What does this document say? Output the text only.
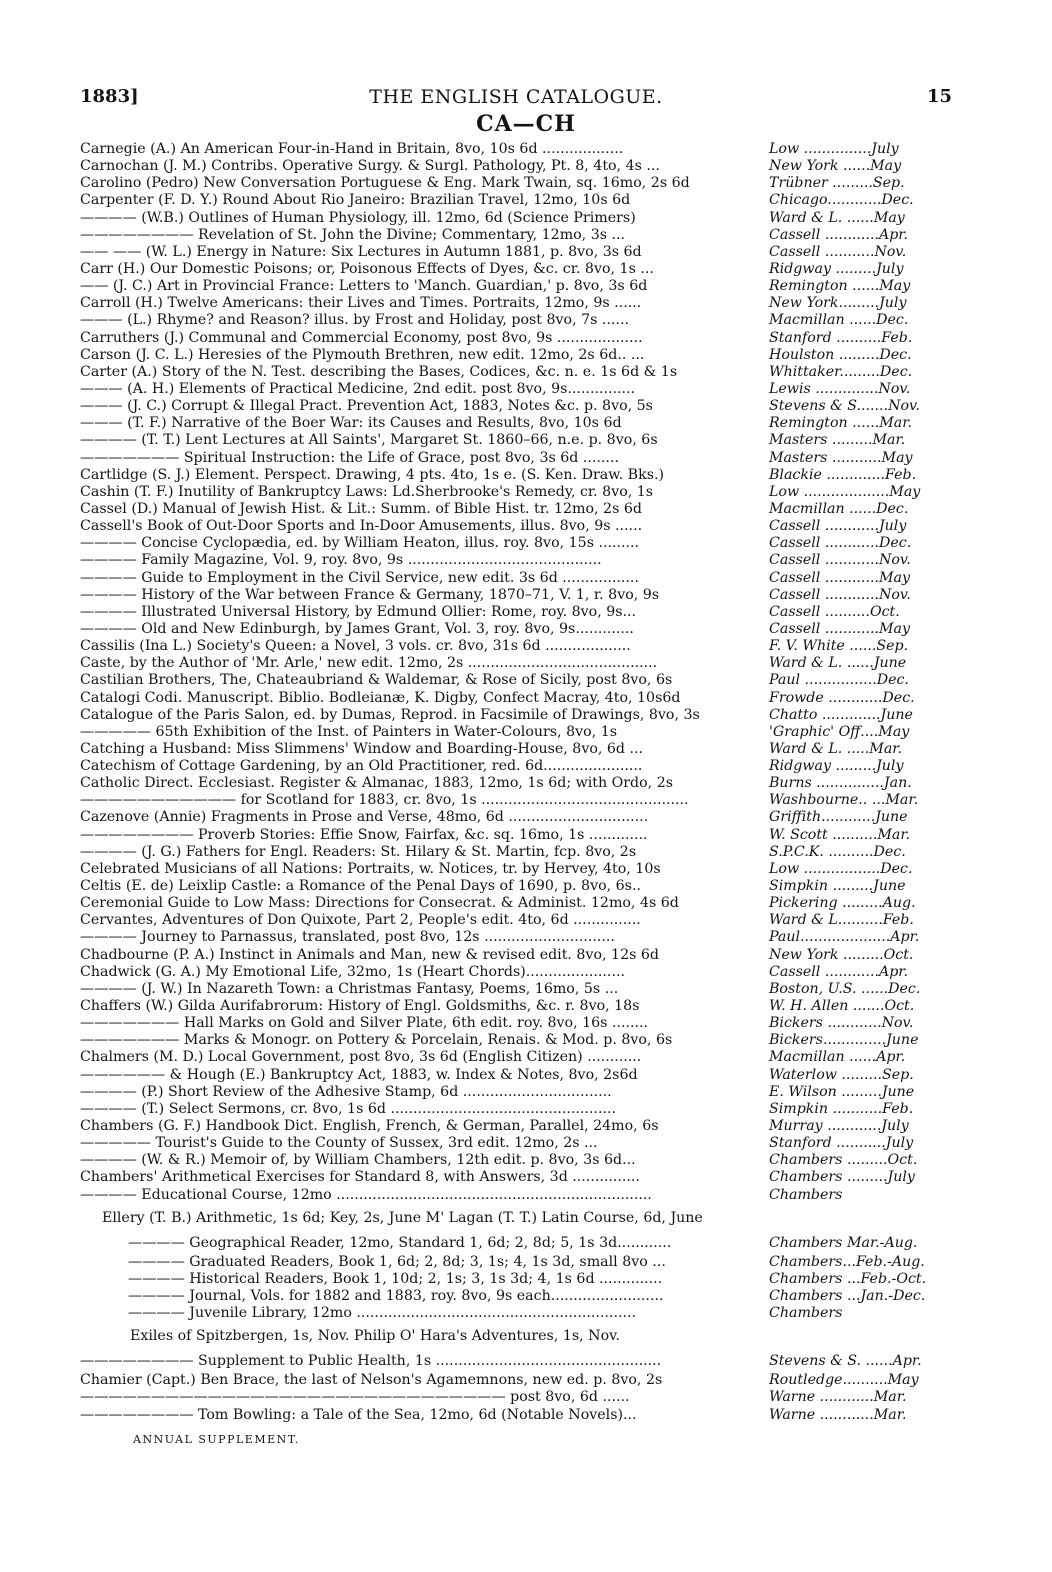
1883]	THE ENGLISH CATALOGUE.	15
CA—CH
Carnegie (A.) An American Four-in-Hand in Britain, 8vo, 10s 6d ..................	Low ...............July
Carnochan (J. M.) Contribs. Operative Surgy. & Surgl. Pathology, Pt. 8, 4to, 4s ...	New York ......May
Carolino (Pedro) New Conversation Portuguese & Eng. Mark Twain, sq. 16mo, 2s 6d	Trübner .........Sep.
Carpenter (F. D. Y.) Round About Rio Janeiro: Brazilian Travel, 12mo, 10s 6d	Chicago............Dec.
———— (W.B.) Outlines of Human Physiology, ill. 12mo, 6d (Science Primers)	Ward & L. ......May
———————— Revelation of St. John the Divine; Commentary, 12mo, 3s ...	Cassell ............Apr.
—— —— (W. L.) Energy in Nature: Six Lectures in Autumn 1881, p. 8vo, 3s 6d	Cassell ...........Nov.
Carr (H.) Our Domestic Poisons; or, Poisonous Effects of Dyes, &c. cr. 8vo, 1s ...	Ridgway .........July
—— (J. C.) Art in Provincial France: Letters to 'Manch. Guardian,' p. 8vo, 3s 6d	Remington ......May
Carroll (H.) Twelve Americans: their Lives and Times. Portraits, 12mo, 9s ......	New York.........July
——— (L.) Rhyme? and Reason? illus. by Frost and Holiday, post 8vo, 7s ......	Macmillan ......Dec.
Carruthers (J.) Communal and Commercial Economy, post 8vo, 9s ...................	Stanford ..........Feb.
Carson (J. C. L.) Heresies of the Plymouth Brethren, new edit. 12mo, 2s 6d.. ...	Houlston .........Dec.
Carter (A.) Story of the N. Test. describing the Bases, Codices, &c. n. e. 1s 6d & 1s	Whittaker.........Dec.
——— (A. H.) Elements of Practical Medicine, 2nd edit. post 8vo, 9s...............	Lewis ..............Nov.
——— (J. C.) Corrupt & Illegal Pract. Prevention Act, 1883, Notes &c. p. 8vo, 5s	Stevens & S.......Nov.
——— (T. F.) Narrative of the Boer War: its Causes and Results, 8vo, 10s 6d	Remington ......Mar.
———— (T. T.) Lent Lectures at All Saints', Margaret St. 1860–66, n.e. p. 8vo, 6s	Masters .........Mar.
——————— Spiritual Instruction: the Life of Grace, post 8vo, 3s 6d ........	Masters ...........May
Cartlidge (S. J.) Element. Perspect. Drawing, 4 pts. 4to, 1s e. (S. Ken. Draw. Bks.)	Blackie .............Feb.
Cashin (T. F.) Inutility of Bankruptcy Laws: Ld.Sherbrooke's Remedy, cr. 8vo, 1s	Low ...................May
Cassel (D.) Manual of Jewish Hist. & Lit.: Summ. of Bible Hist. tr. 12mo, 2s 6d	Macmillan ......Dec.
Cassell's Book of Out-Door Sports and In-Door Amusements, illus. 8vo, 9s ......	Cassell ............July
———— Concise Cyclopædia, ed. by William Heaton, illus. roy. 8vo, 15s .........	Cassell ............Dec.
———— Family Magazine, Vol. 9, roy. 8vo, 9s ...........................................	Cassell ............Nov.
———— Guide to Employment in the Civil Service, new edit. 3s 6d .................	Cassell ............May
———— History of the War between France & Germany, 1870–71, V. 1, r. 8vo, 9s	Cassell ............Nov.
———— Illustrated Universal History, by Edmund Ollier: Rome, roy. 8vo, 9s...	Cassell ..........Oct.
———— Old and New Edinburgh, by James Grant, Vol. 3, roy. 8vo, 9s.............	Cassell ............May
Cassilis (Ina L.) Society's Queen: a Novel, 3 vols. cr. 8vo, 31s 6d ...................	F. V. White ......Sep.
Caste, by the Author of 'Mr. Arle,' new edit. 12mo, 2s ..........................................	Ward & L. ......June
Castilian Brothers, The, Chateaubriand & Waldemar, & Rose of Sicily, post 8vo, 6s	Paul ................Dec.
Catalogi Codi. Manuscript. Biblio. Bodleianæ, K. Digby, Confect Macray, 4to, 10s6d	Frowde ............Dec.
Catalogue of the Paris Salon, ed. by Dumas, Reprod. in Facsimile of Drawings, 8vo, 3s	Chatto .............June
————— 65th Exhibition of the Inst. of Painters in Water-Colours, 8vo, 1s	'Graphic' Off....May
Catching a Husband: Miss Slimmens' Window and Boarding-House, 8vo, 6d ...	Ward & L. .....Mar.
Catechism of Cottage Gardening, by an Old Practitioner, red. 6d......................	Ridgway .........July
Catholic Direct. Ecclesiast. Register & Almanac, 1883, 12mo, 1s 6d; with Ordo, 2s	Burns ...............Jan.
——————————— for Scotland for 1883, cr. 8vo, 1s ..............................................	Washbourne.. ...Mar.
Cazenove (Annie) Fragments in Prose and Verse, 48mo, 6d ...............................	Griffith............June
———————— Proverb Stories: Effie Snow, Fairfax, &c. sq. 16mo, 1s .............	W. Scott ..........Mar.
———— (J. G.) Fathers for Engl. Readers: St. Hilary & St. Martin, fcp. 8vo, 2s	S.P.C.K. ..........Dec.
Celebrated Musicians of all Nations: Portraits, w. Notices, tr. by Hervey, 4to, 10s	Low .................Dec.
Celtis (E. de) Leixlip Castle: a Romance of the Penal Days of 1690, p. 8vo, 6s..	Simpkin .........June
Ceremonial Guide to Low Mass: Directions for Consecrat. & Administ. 12mo, 4s 6d	Pickering .........Aug.
Cervantes, Adventures of Don Quixote, Part 2, People's edit. 4to, 6d ...............	Ward & L..........Feb.
———— Journey to Parnassus, translated, post 8vo, 12s .............................	Paul....................Apr.
Chadbourne (P. A.) Instinct in Animals and Man, new & revised edit. 8vo, 12s 6d	New York .........Oct.
Chadwick (G. A.) My Emotional Life, 32mo, 1s (Heart Chords)......................	Cassell ............Apr.
———— (J. W.) In Nazareth Town: a Christmas Fantasy, Poems, 16mo, 5s ...	Boston, U.S. ......Dec.
Chaffers (W.) Gilda Aurifabrorum: History of Engl. Goldsmiths, &c. r. 8vo, 18s	W. H. Allen .......Oct.
——————— Hall Marks on Gold and Silver Plate, 6th edit. roy. 8vo, 16s ........	Bickers ............Nov.
——————— Marks & Monogr. on Pottery & Porcelain, Renais. & Mod. p. 8vo, 6s	Bickers..............June
Chalmers (M. D.) Local Government, post 8vo, 3s 6d (English Citizen) ............	Macmillan ......Apr.
—————— & Hough (E.) Bankruptcy Act, 1883, w. Index & Notes, 8vo, 2s6d	Waterlow .........Sep.
———— (P.) Short Review of the Adhesive Stamp, 6d .................................	E. Wilson .........June
———— (T.) Select Sermons, cr. 8vo, 1s 6d ..................................................	Simpkin ...........Feb.
Chambers (G. F.) Handbook Dict. English, French, & German, Parallel, 24mo, 6s	Murray ............July
————— Tourist's Guide to the County of Sussex, 3rd edit. 12mo, 2s ...	Stanford ...........July
———— (W. & R.) Memoir of, by William Chambers, 12th edit. p. 8vo, 3s 6d...	Chambers .........Oct.
Chambers' Arithmetical Exercises for Standard 8, with Answers, 3d ...............	Chambers .........July
———— Educational Course, 12mo ......................................................................	Chambers
Ellery (T. B.) Arithmetic, 1s 6d; Key, 2s, June M' Lagan (T. T.) Latin Course, 6d, June
———— Geographical Reader, 12mo, Standard 1, 6d; 2, 8d; 5, 1s 3d............	Chambers Mar.-Aug.
———— Graduated Readers, Book 1, 6d; 2, 8d; 3, 1s; 4, 1s 3d, small 8vo ...	Chambers...Feb.-Aug.
———— Historical Readers, Book 1, 10d; 2, 1s; 3, 1s 3d; 4, 1s 6d ..............	Chambers ...Feb.-Oct.
———— Journal, Vols. for 1882 and 1883, roy. 8vo, 9s each.........................	Chambers ...Jan.-Dec.
———— Juvenile Library, 12mo ..............................................................	Chambers
Exiles of Spitzbergen, 1s, Nov. Philip O' Hara's Adventures, 1s, Nov.
———————— Supplement to Public Health, 1s ..................................................	Stevens & S. ......Apr.
Chamier (Capt.) Ben Brace, the last of Nelson's Agamemnons, new ed. p. 8vo, 2s	Routledge..........May
—————————————————————————————— post 8vo, 6d ......	Warne ............Mar.
———————— Tom Bowling: a Tale of the Sea, 12mo, 6d (Notable Novels)...	Warne ............Mar.
ANNUAL SUPPLEMENT.
